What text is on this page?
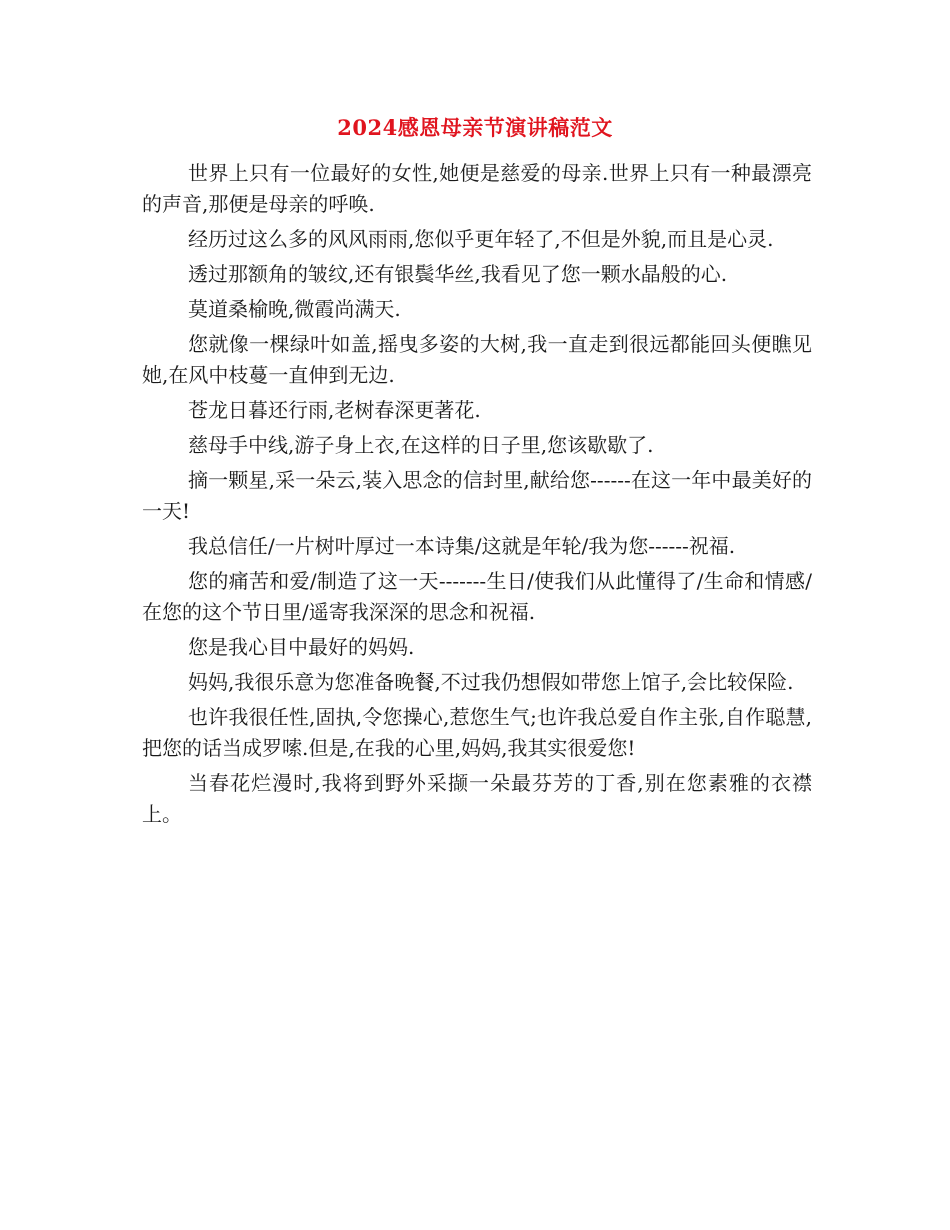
2024感恩母亲节演讲稿范文

世界上只有一位最好的女性,她便是慈爱的母亲.世界上只有一种最漂亮的声音,那便是母亲的呼唤.

经历过这么多的风风雨雨,您似乎更年轻了,不但是外貌,而且是心灵.

透过那额角的皱纹,还有银鬓华丝,我看见了您一颗水晶般的心.

莫道桑榆晚,微霞尚满天.

您就像一棵绿叶如盖,摇曳多姿的大树,我一直走到很远都能回头便瞧见她,在风中枝蔓一直伸到无边.

苍龙日暮还行雨,老树春深更著花.

慈母手中线,游子身上衣,在这样的日子里,您该歇歇了.

摘一颗星,采一朵云,装入思念的信封里,献给您------在这一年中最美好的一天!

我总信任/一片树叶厚过一本诗集/这就是年轮/我为您------祝福.

您的痛苦和爱/制造了这一天-------生日/使我们从此懂得了/生命和情感/在您的这个节日里/遥寄我深深的思念和祝福.

您是我心目中最好的妈妈.

妈妈,我很乐意为您准备晚餐,不过我仍想假如带您上馆子,会比较保险.

也许我很任性,固执,令您操心,惹您生气;也许我总爱自作主张,自作聪慧,把您的话当成罗嗦.但是,在我的心里,妈妈,我其实很爱您!

当春花烂漫时,我将到野外采撷一朵最芬芳的丁香,别在您素雅的衣襟上。
